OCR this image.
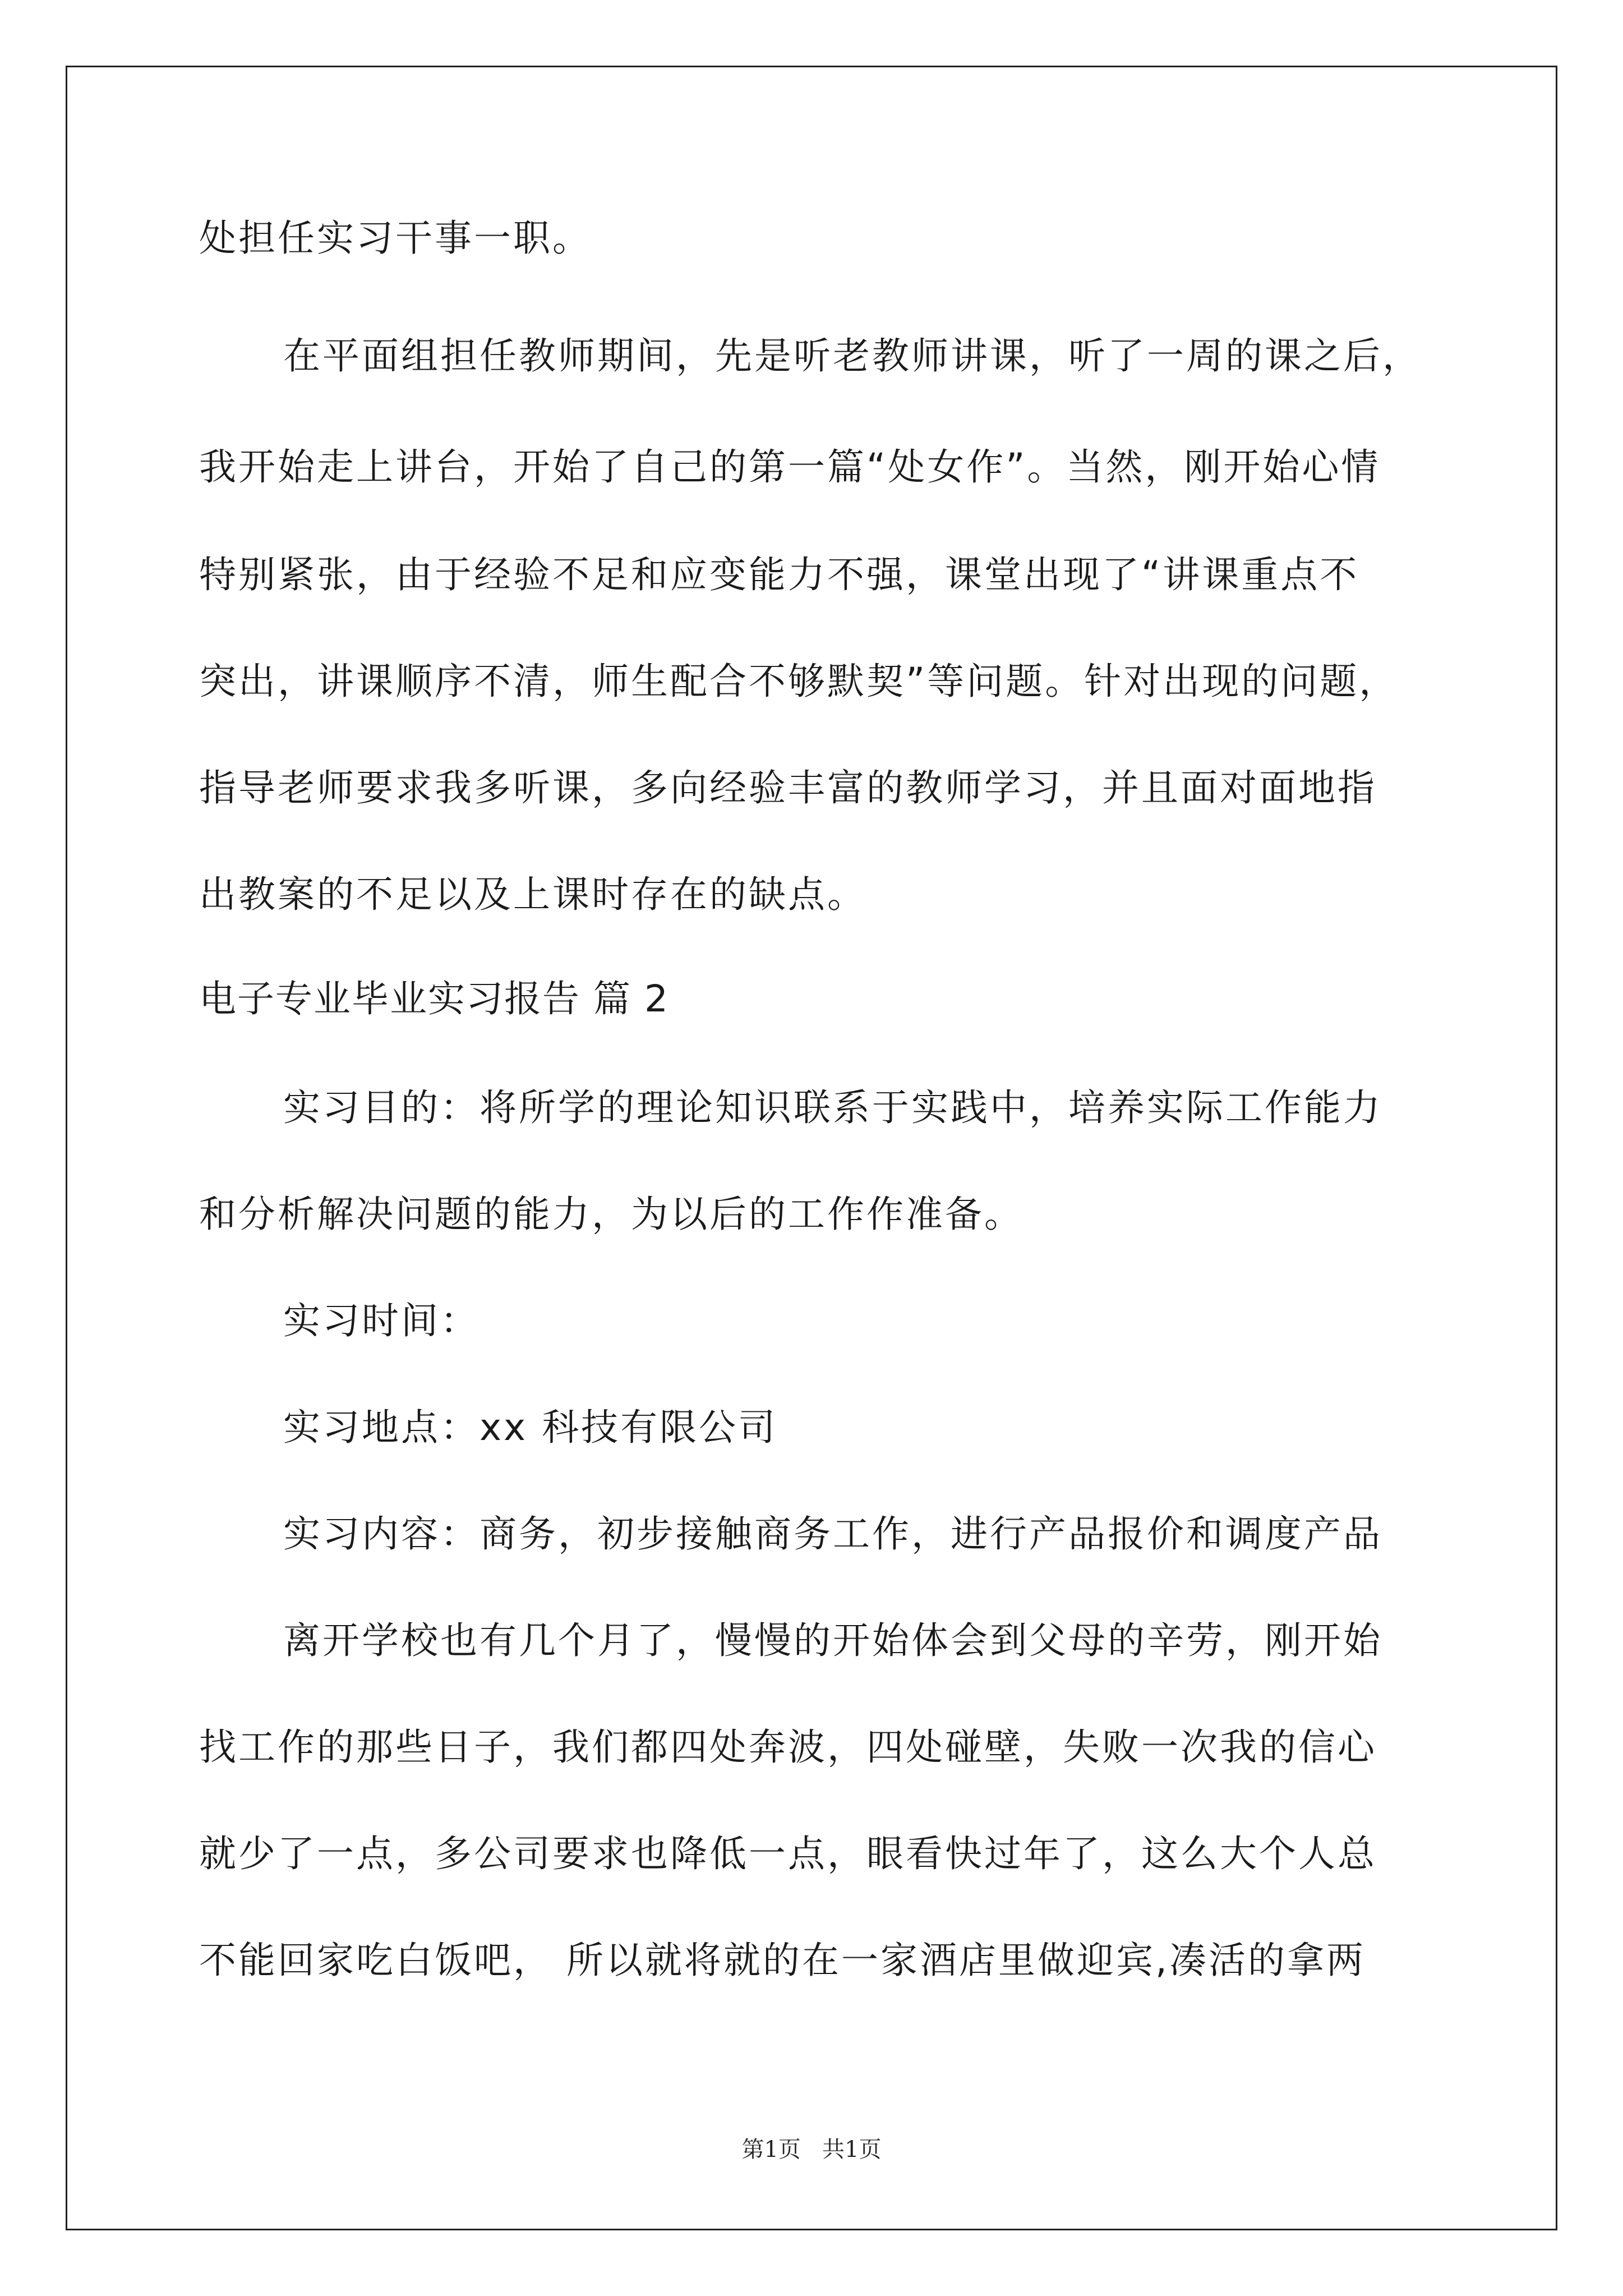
处担任实习干事一职。
在平面组担任教师期间，先是听老教师讲课，听了一周的课之后，
我开始走上讲台，开始了自己的第一篇“处女作”。当然，刚开始心情
特别紧张，由于经验不足和应变能力不强，课堂出现了“讲课重点不
突出，讲课顺序不清，师生配合不够默契”等问题。针对出现的问题，
指导老师要求我多听课，多向经验丰富的教师学习，并且面对面地指
出教案的不足以及上课时存在的缺点。
电子专业毕业实习报告 篇 2
实习目的：将所学的理论知识联系于实践中，培养实际工作能力
和分析解决问题的能力，为以后的工作作准备。
实习时间：
实习地点：xx 科技有限公司
实习内容：商务，初步接触商务工作，进行产品报价和调度产品
离开学校也有几个月了，慢慢的开始体会到父母的辛劳，刚开始
找工作的那些日子，我们都四处奔波，四处碰壁，失败一次我的信心
就少了一点，多公司要求也降低一点，眼看快过年了，这么大个人总
不能回家吃白饭吧， 所以就将就的在一家酒店里做迎宾,凑活的拿两
第1页   共1页
